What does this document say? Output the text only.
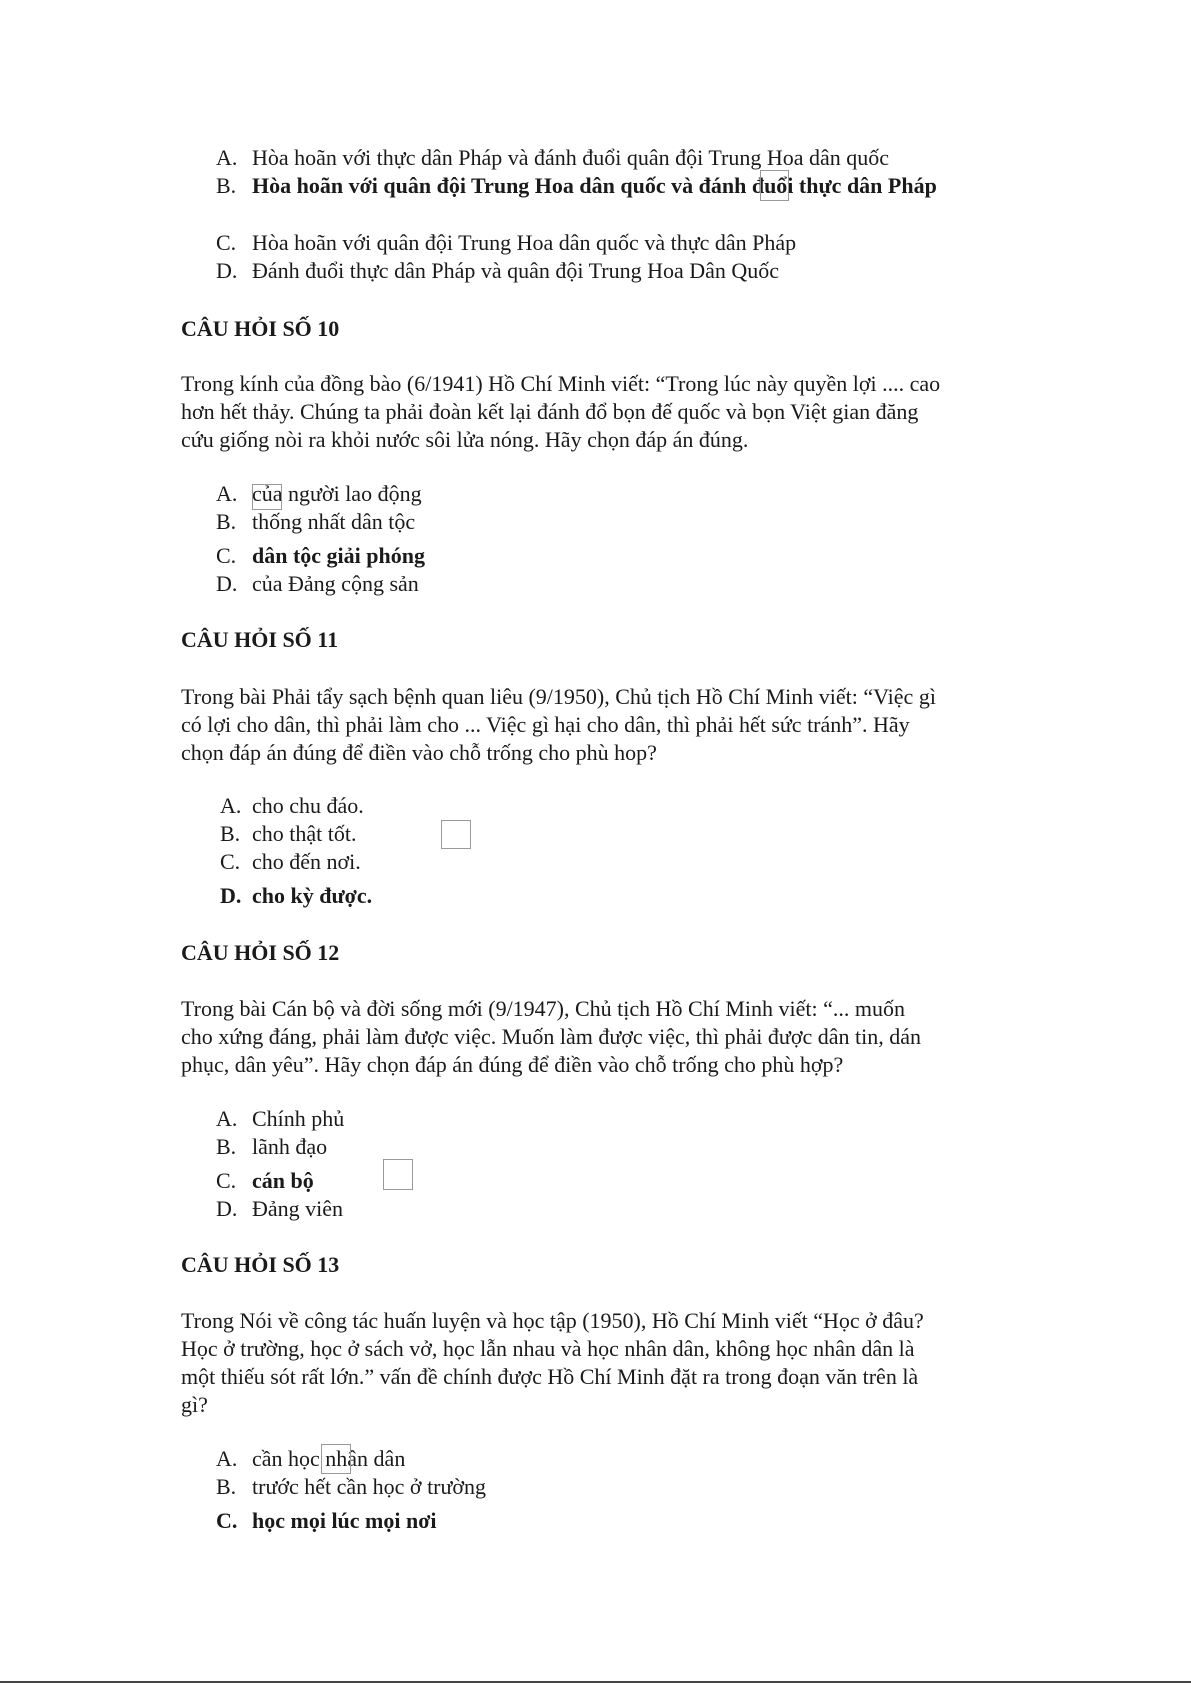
A. Hòa hoãn với thực dân Pháp và đánh đuổi quân đội Trung Hoa dân quốc
B. Hòa hoãn với quân đội Trung Hoa dân quốc và đánh đuổi thực dân Pháp
C. Hòa hoãn với quân đội Trung Hoa dân quốc và thực dân Pháp
D. Đánh đuổi thực dân Pháp và quân đội Trung Hoa Dân Quốc
CÂU HỎI SỐ 10
Trong kính của đồng bào (6/1941) Hồ Chí Minh viết: “Trong lúc này quyền lợi .... cao
hơn hết thảy. Chúng ta phải đoàn kết lại đánh đổ bọn đế quốc và bọn Việt gian đăng
cứu giống nòi ra khỏi nước sôi lửa nóng. Hãy chọn đáp án đúng.
A. của người lao động
B. thống nhất dân tộc
C. dân tộc giải phóng
D. của Đảng cộng sản
CÂU HỎI SỐ 11
Trong bài Phải tẩy sạch bệnh quan liêu (9/1950), Chủ tịch Hồ Chí Minh viết: “Việc gì
có lợi cho dân, thì phải làm cho ... Việc gì hại cho dân, thì phải hết sức tránh”. Hãy
chọn đáp án đúng để điền vào chỗ trống cho phù hop?
A. cho chu đáo.
B. cho thật tốt.
C. cho đến nơi.
D. cho kỳ được.
CÂU HỎI SỐ 12
Trong bài Cán bộ và đời sống mới (9/1947), Chủ tịch Hồ Chí Minh viết: “... muốn
cho xứng đáng, phải làm được việc. Muốn làm được việc, thì phải được dân tin, dán
phục, dân yêu”. Hãy chọn đáp án đúng để điền vào chỗ trống cho phù hợp?
A. Chính phủ
B. lãnh đạo
C. cán bộ
D. Đảng viên
CÂU HỎI SỐ 13
Trong Nói về công tác huấn luyện và học tập (1950), Hồ Chí Minh viết “Học ở đâu?
Học ở trường, học ở sách vở, học lẫn nhau và học nhân dân, không học nhân dân là
một thiếu sót rất lớn.” vấn đề chính được Hồ Chí Minh đặt ra trong đoạn văn trên là
gì?
A. cần học nhân dân
B. trước hết cần học ở trường
C. học mọi lúc mọi nơi
